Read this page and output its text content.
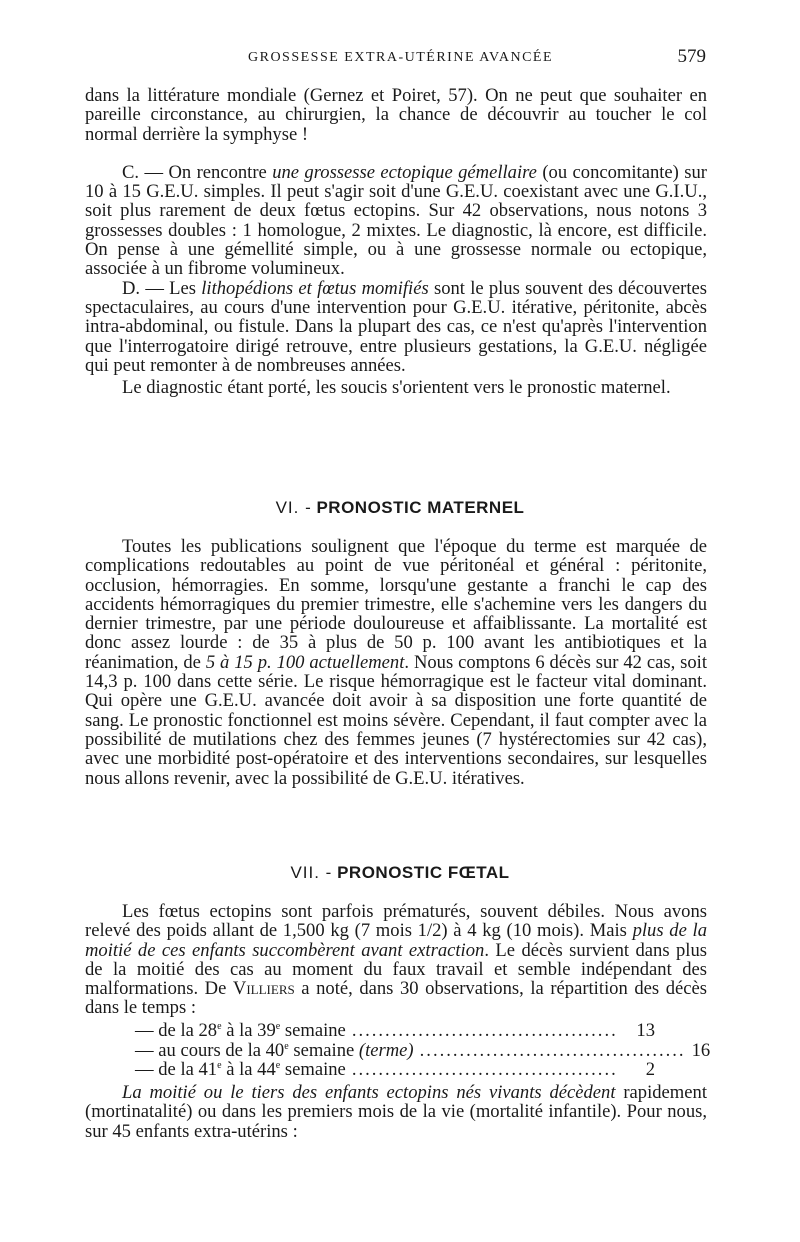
GROSSESSE EXTRA-UTÉRINE AVANCÉE	579

dans la littérature mondiale (Gernez et Poiret, 57). On ne peut que souhaiter en pareille circonstance, au chirurgien, la chance de découvrir au toucher le col normal derrière la symphyse !

C. — On rencontre une grossesse ectopique gémellaire (ou concomitante) sur 10 à 15 G.E.U. simples. Il peut s'agir soit d'une G.E.U. coexistant avec une G.I.U., soit plus rarement de deux fœtus ectopins. Sur 42 observations, nous notons 3 grossesses doubles : 1 homologue, 2 mixtes. Le diagnostic, là encore, est difficile. On pense à une gémellité simple, ou à une grossesse normale ou ectopique, associée à un fibrome volumineux.

D. — Les lithopédions et fœtus momifiés sont le plus souvent des découvertes spectaculaires, au cours d'une intervention pour G.E.U. itérative, péritonite, abcès intra-abdominal, ou fistule. Dans la plupart des cas, ce n'est qu'après l'intervention que l'interrogatoire dirigé retrouve, entre plusieurs gestations, la G.E.U. négligée qui peut remonter à de nombreuses années.

Le diagnostic étant porté, les soucis s'orientent vers le pronostic maternel.

VI. - PRONOSTIC MATERNEL

Toutes les publications soulignent que l'époque du terme est marquée de complications redoutables au point de vue péritonéal et général : péritonite, occlusion, hémorragies. En somme, lorsqu'une gestante a franchi le cap des accidents hémorragiques du premier trimestre, elle s'achemine vers les dangers du dernier trimestre, par une période douloureuse et affaiblissante. La mortalité est donc assez lourde : de 35 à plus de 50 p. 100 avant les antibiotiques et la réanimation, de 5 à 15 p. 100 actuellement. Nous comptons 6 décès sur 42 cas, soit 14,3 p. 100 dans cette série. Le risque hémorragique est le facteur vital dominant. Qui opère une G.E.U. avancée doit avoir à sa disposition une forte quantité de sang. Le pronostic fonctionnel est moins sévère. Cependant, il faut compter avec la possibilité de mutilations chez des femmes jeunes (7 hystérectomies sur 42 cas), avec une morbidité post-opératoire et des interventions secondaires, sur lesquelles nous allons revenir, avec la possibilité de G.E.U. itératives.

VII. - PRONOSTIC FŒTAL

Les fœtus ectopins sont parfois prématurés, souvent débiles. Nous avons relevé des poids allant de 1,500 kg (7 mois 1/2) à 4 kg (10 mois). Mais plus de la moitié de ces enfants succombèrent avant extraction. Le décès survient dans plus de la moitié des cas au moment du faux travail et semble indépendant des malformations. De Villiers a noté, dans 30 observations, la répartition des décès dans le temps :

— de la 28e à la 39e semaine ........................................	13
— au cours de la 40e semaine (terme) ........................................ 16
— de la 41e à la 44e semaine ........................................	2

La moitié ou le tiers des enfants ectopins nés vivants décèdent rapidement (mortinatalité) ou dans les premiers mois de la vie (mortalité infantile). Pour nous, sur 45 enfants extra-utérins :
